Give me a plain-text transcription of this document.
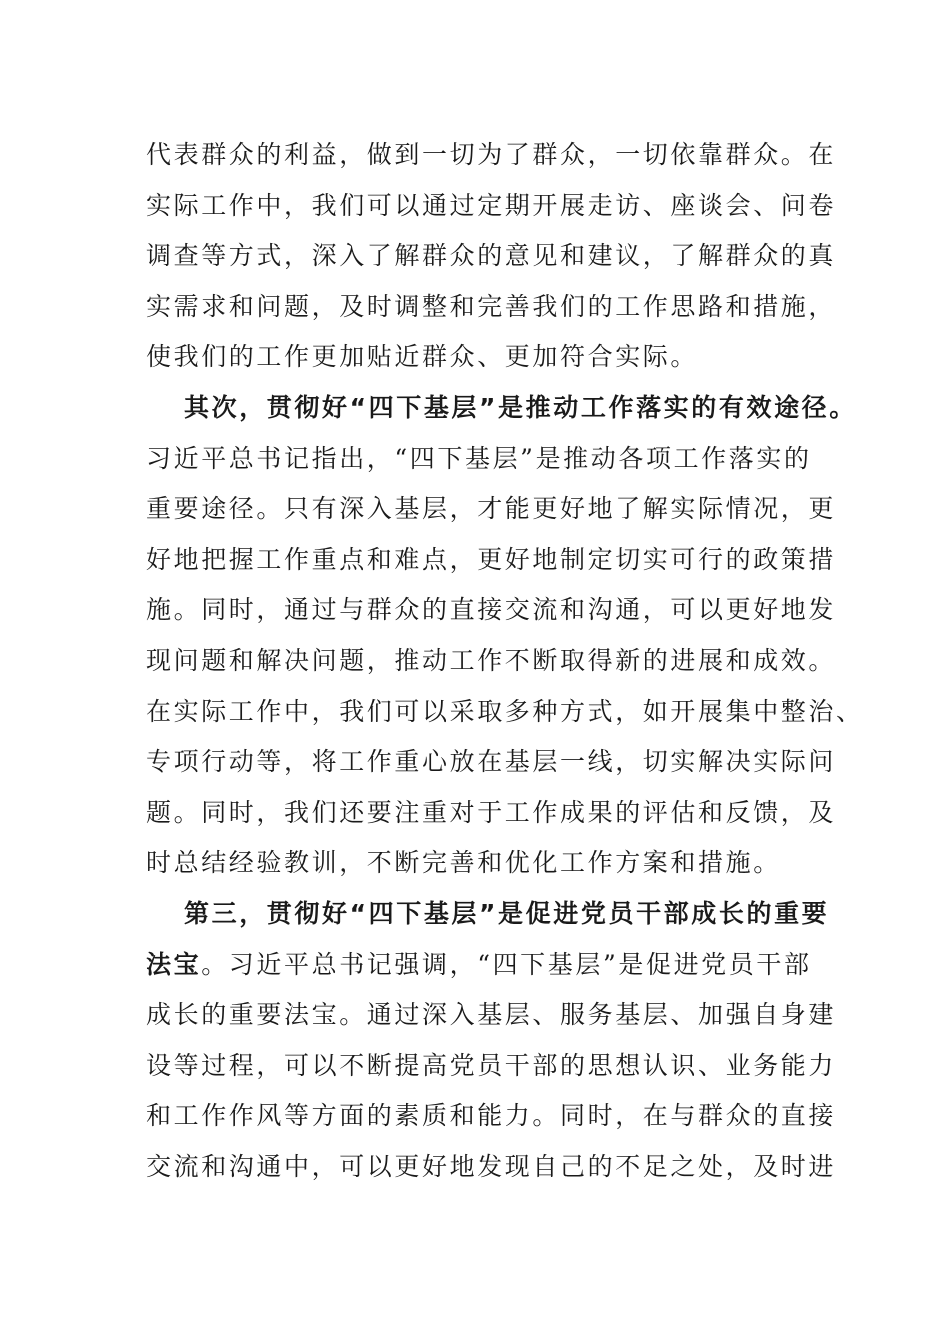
代表群众的利益，做到一切为了群众，一切依靠群众。在
实际工作中，我们可以通过定期开展走访、座谈会、问卷
调查等方式，深入了解群众的意见和建议，了解群众的真
实需求和问题，及时调整和完善我们的工作思路和措施，
使我们的工作更加贴近群众、更加符合实际。
其次，贯彻好“四下基层”是推动工作落实的有效途径。
习近平总书记指出，“四下基层”是推动各项工作落实的
重要途径。只有深入基层，才能更好地了解实际情况，更
好地把握工作重点和难点，更好地制定切实可行的政策措
施。同时，通过与群众的直接交流和沟通，可以更好地发
现问题和解决问题，推动工作不断取得新的进展和成效。
在实际工作中，我们可以采取多种方式，如开展集中整治、
专项行动等，将工作重心放在基层一线，切实解决实际问
题。同时，我们还要注重对于工作成果的评估和反馈，及
时总结经验教训，不断完善和优化工作方案和措施。
第三，贯彻好“四下基层”是促进党员干部成长的重要
法宝。习近平总书记强调，“四下基层”是促进党员干部
成长的重要法宝。通过深入基层、服务基层、加强自身建
设等过程，可以不断提高党员干部的思想认识、业务能力
和工作作风等方面的素质和能力。同时，在与群众的直接
交流和沟通中，可以更好地发现自己的不足之处，及时进
